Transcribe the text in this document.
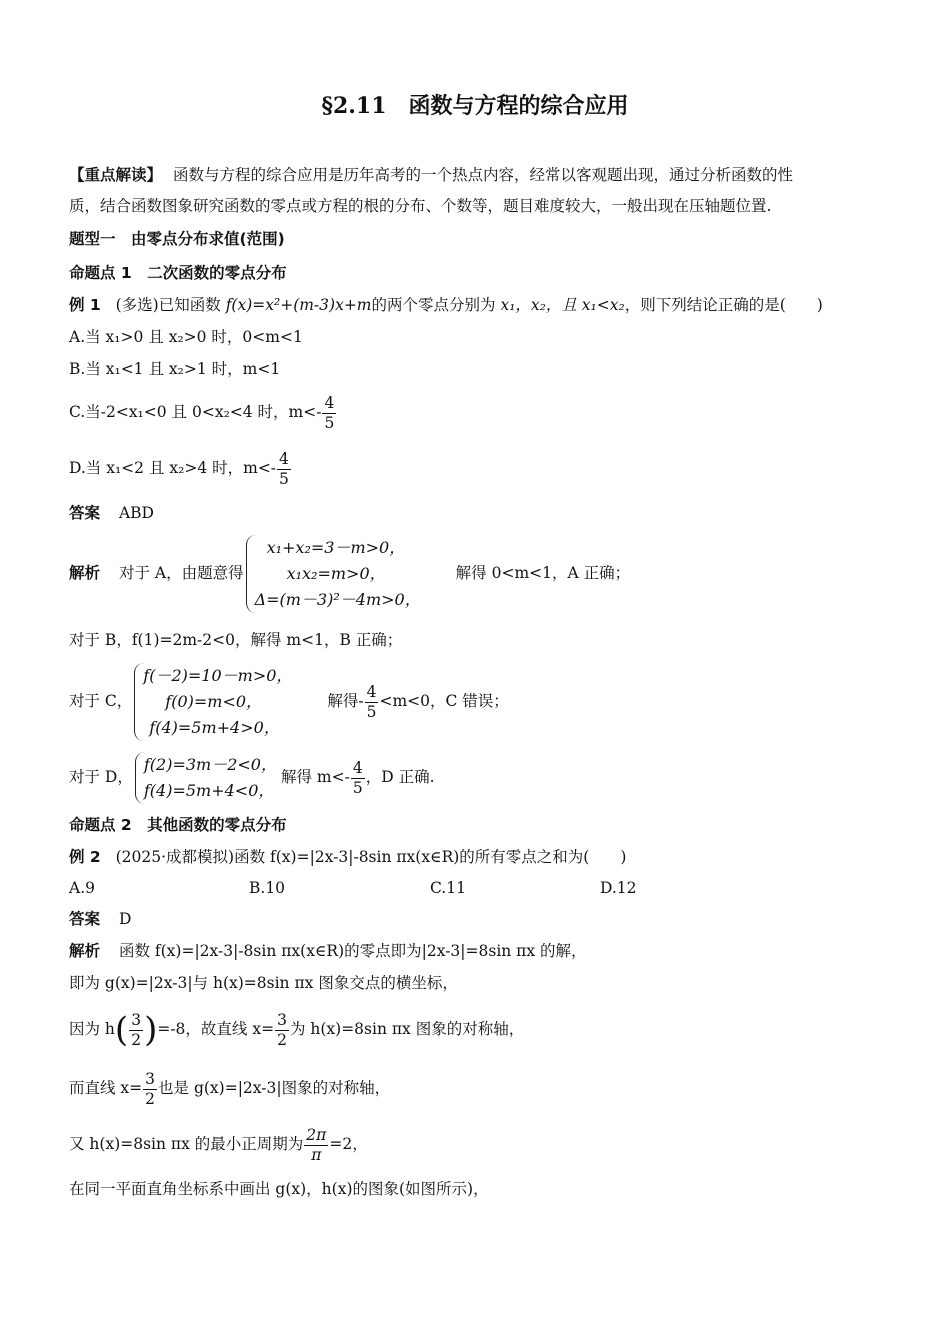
§2.11　函数与方程的综合应用
【重点解读】 函数与方程的综合应用是历年高考的一个热点内容，经常以客观题出现，通过分析函数的性
质，结合函数图象研究函数的零点或方程的根的分布、个数等，题目难度较大，一般出现在压轴题位置.
题型一　由零点分布求值(范围)
命题点 1　二次函数的零点分布
例 1 (多选)已知函数 f(x)=x²+(m-3)x+m的两个零点分别为 x₁，x₂，且 x₁<x₂，则下列结论正确的是(　　)
A.当 x₁>0 且 x₂>0 时，0<m<1
B.当 x₁<1 且 x₂>1 时，m<1
C.当-2<x₁<0 且 0<x₂<4 时，$m<- \frac{4}{5}$
D.当 x₁<2 且 x₂>4 时，$m<- \frac{4}{5}$
答案 ABD
解析 对于 A，由题意得
x₁+x₂=3－m>0，
x₁x₂=m>0，
Δ=(m－3)²－4m>0，
解得 0<m<1，A 正确；
对于 B，f(1)=2m-2<0，解得 m<1，B 正确；
对于 C，
f(－2)=10－m>0，
f(0)=m<0，
f(4)=5m+4>0，
解得- $\frac{4}{5} <m<0$，C 错误；
对于 D，
f(2)=3m－2<0，
f(4)=5m+4<0，
解得 $m<- \frac{4}{5}$ ，D 正确.
命题点 2　其他函数的零点分布
例 2 (2025·成都模拟)函数 f(x)=|2x-3|-8sin πx(x∈R)的所有零点之和为(　　)
A.9	B.10	C.11	D.12
答案 D
解析 函数 f(x)=|2x-3|-8sin πx(x∈R)的零点即为|2x-3|=8sin πx 的解，
即为 g(x)=|2x-3|与 h(x)=8sin πx 图象交点的横坐标，
因为 $h( \frac{3}{2} )=-8$，故直线 $x= \frac{3}{2}$ 为 h(x)=8sin πx 图象的对称轴，
而直线 $x= \frac{3}{2}$ 也是 g(x)=|2x-3|图象的对称轴，
又 h(x)=8sin πx 的最小正周期为 $\frac{2\pi}{\pi} =2$，
在同一平面直角坐标系中画出 g(x)，h(x)的图象(如图所示)，
